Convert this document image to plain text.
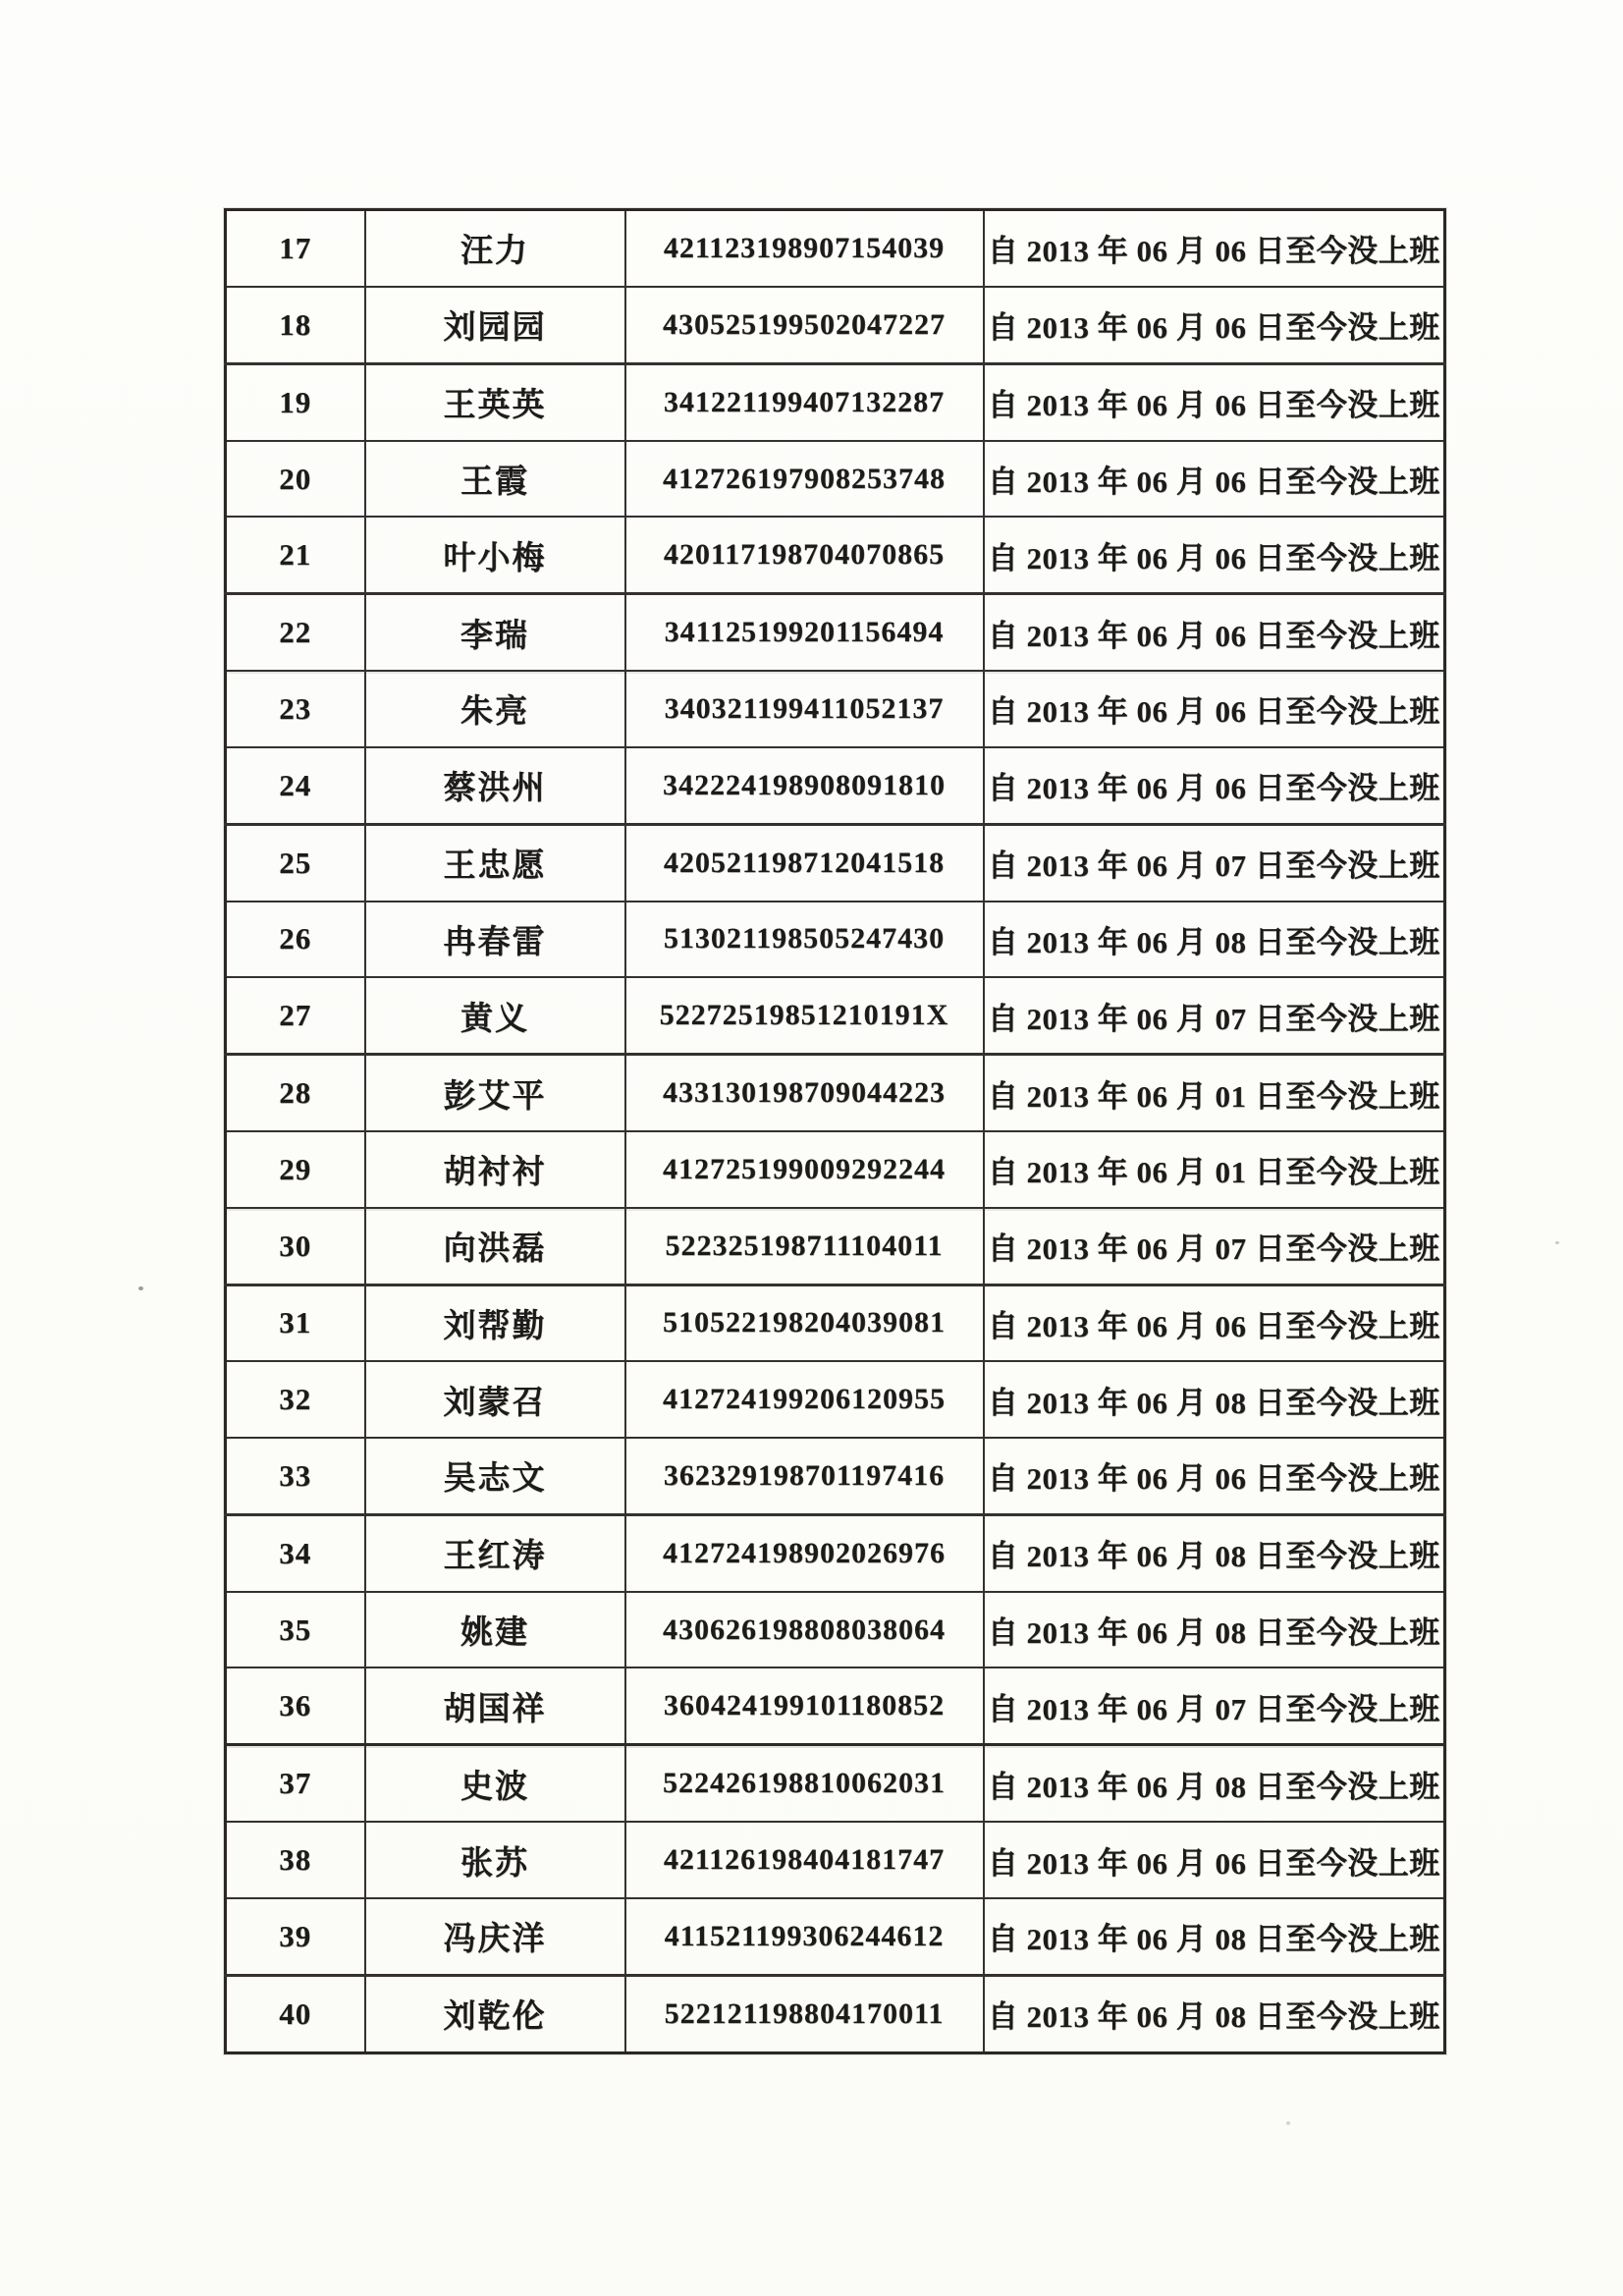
17	汪力	421123198907154039	自 2013 年 06 月 06 日至今没上班
18	刘园园	430525199502047227	自 2013 年 06 月 06 日至今没上班
19	王英英	341221199407132287	自 2013 年 06 月 06 日至今没上班
20	王霞	412726197908253748	自 2013 年 06 月 06 日至今没上班
21	叶小梅	420117198704070865	自 2013 年 06 月 06 日至今没上班
22	李瑞	341125199201156494	自 2013 年 06 月 06 日至今没上班
23	朱亮	340321199411052137	自 2013 年 06 月 06 日至今没上班
24	蔡洪州	342224198908091810	自 2013 年 06 月 06 日至今没上班
25	王忠愿	420521198712041518	自 2013 年 06 月 07 日至今没上班
26	冉春雷	513021198505247430	自 2013 年 06 月 08 日至今没上班
27	黄义	52272519851210191X	自 2013 年 06 月 07 日至今没上班
28	彭艾平	433130198709044223	自 2013 年 06 月 01 日至今没上班
29	胡衬衬	412725199009292244	自 2013 年 06 月 01 日至今没上班
30	向洪磊	522325198711104011	自 2013 年 06 月 07 日至今没上班
31	刘帮勤	510522198204039081	自 2013 年 06 月 06 日至今没上班
32	刘蒙召	412724199206120955	自 2013 年 06 月 08 日至今没上班
33	吴志文	362329198701197416	自 2013 年 06 月 06 日至今没上班
34	王红涛	412724198902026976	自 2013 年 06 月 08 日至今没上班
35	姚建	430626198808038064	自 2013 年 06 月 08 日至今没上班
36	胡国祥	360424199101180852	自 2013 年 06 月 07 日至今没上班
37	史波	522426198810062031	自 2013 年 06 月 08 日至今没上班
38	张苏	421126198404181747	自 2013 年 06 月 06 日至今没上班
39	冯庆洋	411521199306244612	自 2013 年 06 月 08 日至今没上班
40	刘乾伦	522121198804170011	自 2013 年 06 月 08 日至今没上班
